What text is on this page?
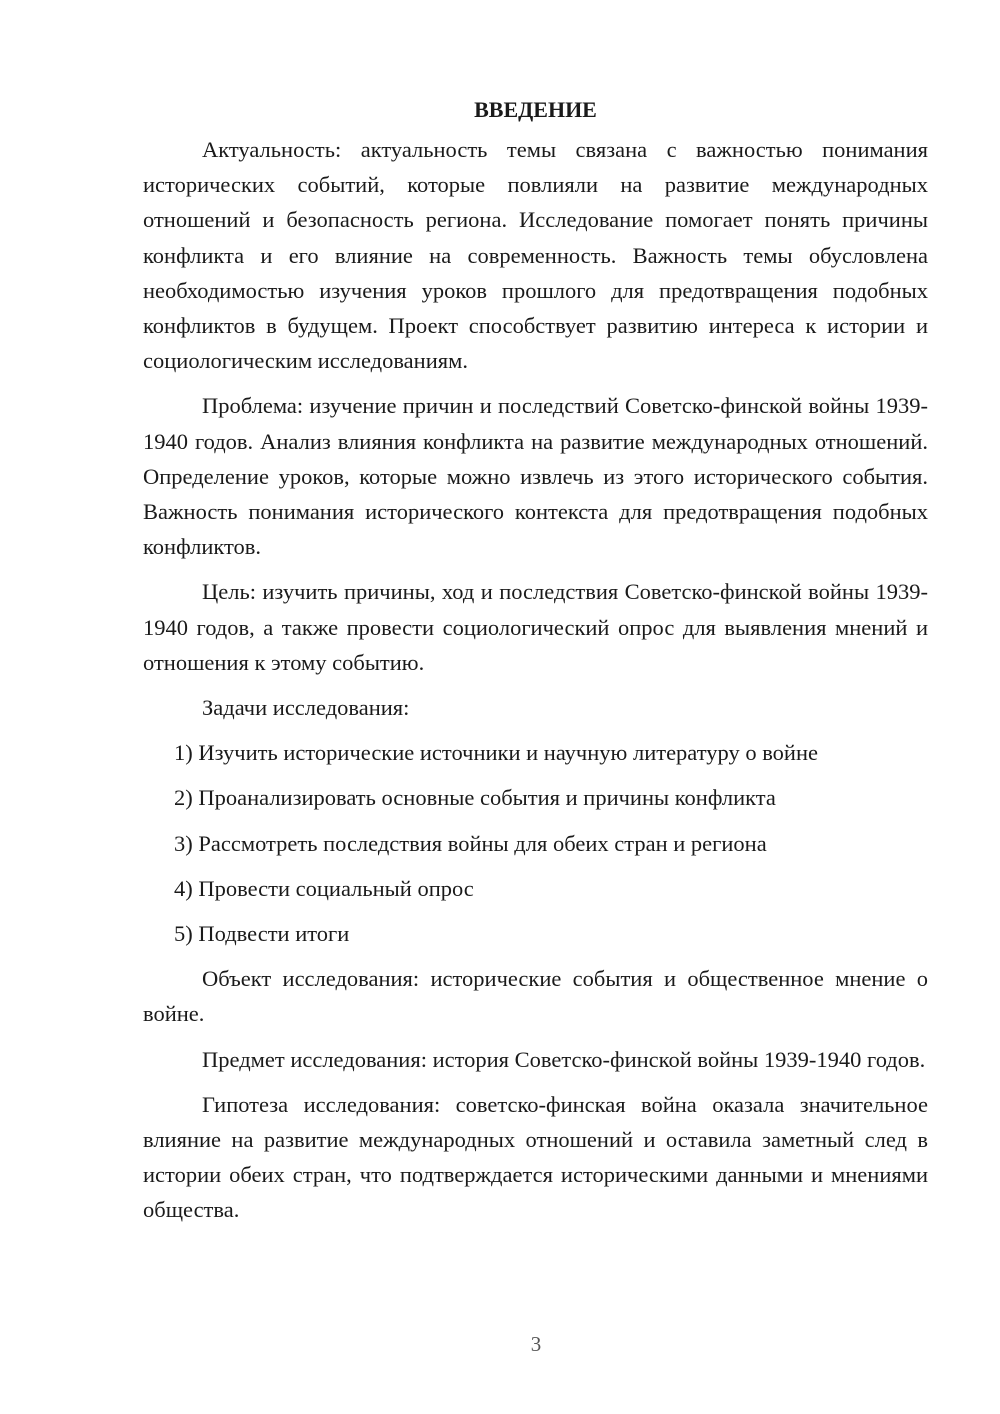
ВВЕДЕНИЕ

Актуальность: актуальность темы связана с важностью понимания исторических событий, которые повлияли на развитие международных отношений и безопасность региона. Исследование помогает понять причины конфликта и его влияние на современность. Важность темы обусловлена необходимостью изучения уроков прошлого для предотвращения подобных конфликтов в будущем. Проект способствует развитию интереса к истории и социологическим исследованиям.

Проблема: изучение причин и последствий Советско-финской войны 1939-1940 годов. Анализ влияния конфликта на развитие международных отношений. Определение уроков, которые можно извлечь из этого исторического события. Важность понимания исторического контекста для предотвращения подобных конфликтов.

Цель: изучить причины, ход и последствия Советско-финской войны 1939-1940 годов, а также провести социологический опрос для выявления мнений и отношения к этому событию.

Задачи исследования:

1) Изучить исторические источники и научную литературу о войне
2) Проанализировать основные события и причины конфликта
3) Рассмотреть последствия войны для обеих стран и региона
4) Провести социальный опрос
5) Подвести итоги

Объект исследования: исторические события и общественное мнение о войне.

Предмет исследования: история Советско-финской войны 1939-1940 годов.

Гипотеза исследования: советско-финская война оказала значительное влияние на развитие международных отношений и оставила заметный след в истории обеих стран, что подтверждается историческими данными и мнениями общества.

3
